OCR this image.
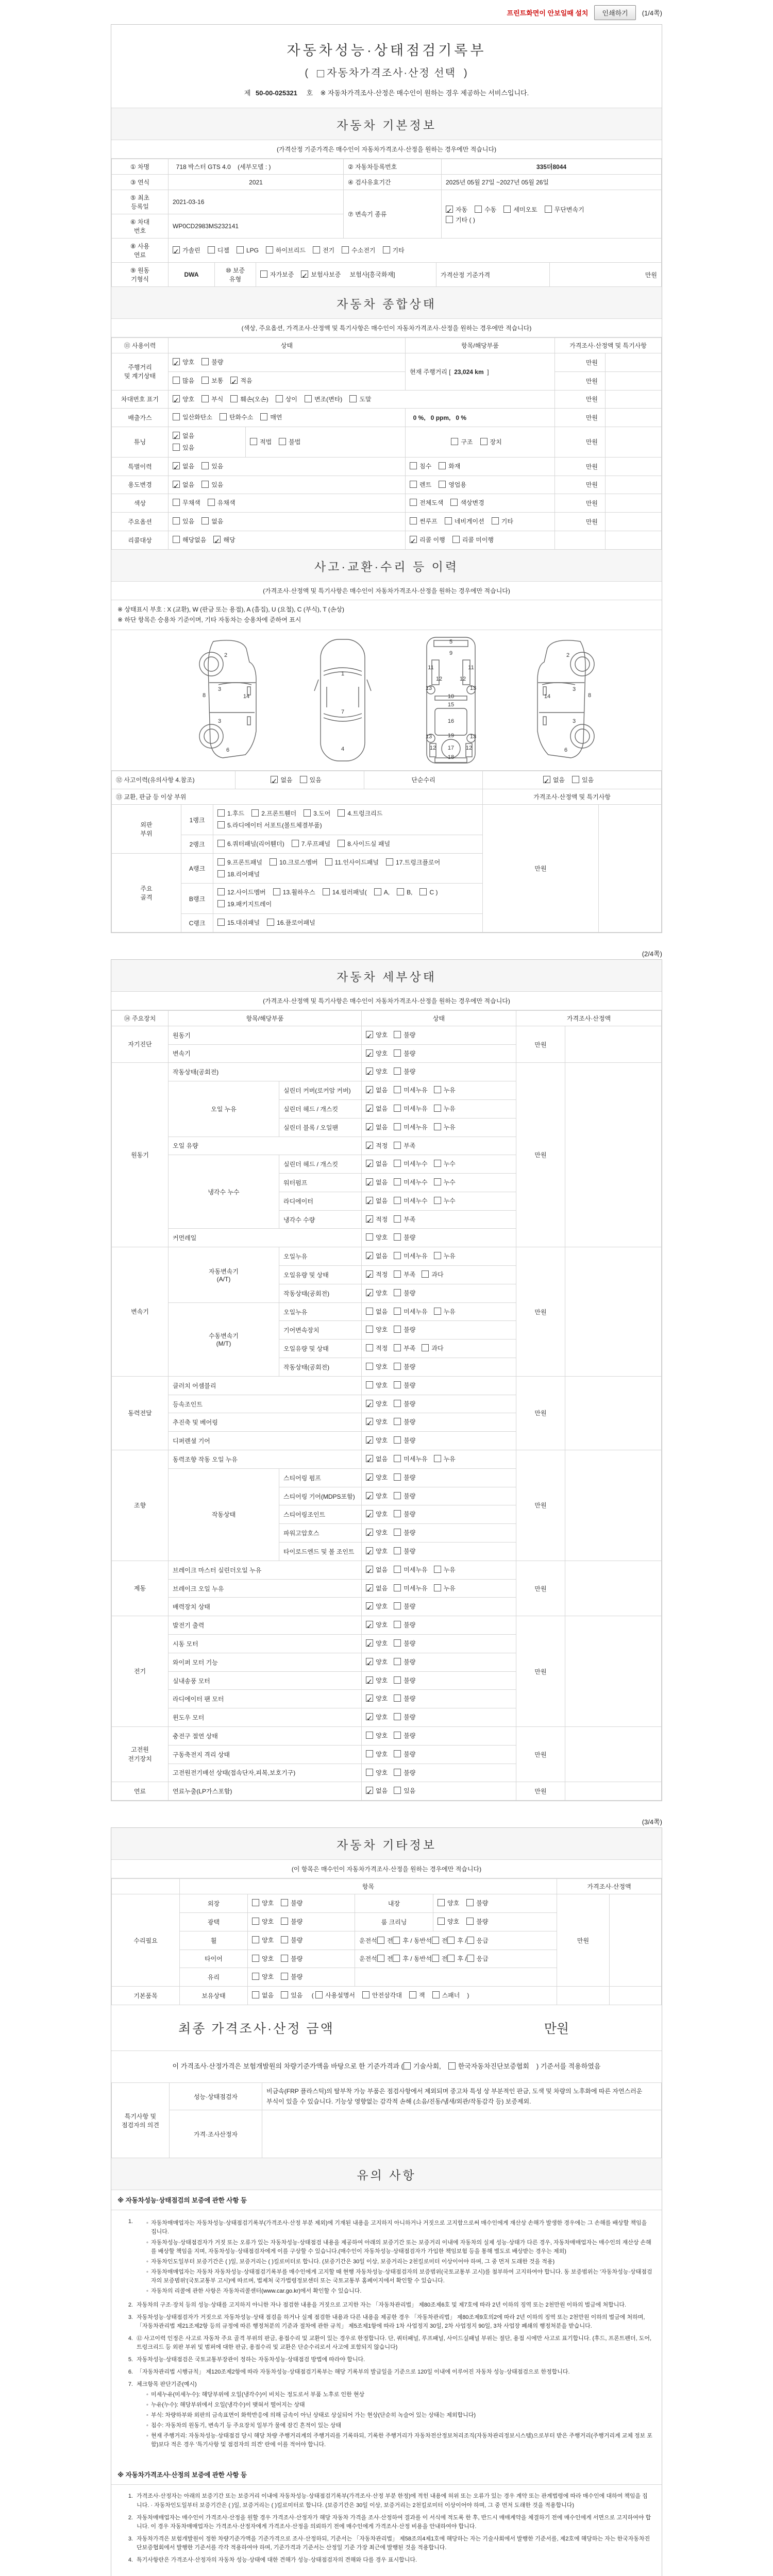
프린트화면이 안보일때 설치	인쇄하기	(1/4쪽)
자동차성능·상태점검기록부
(  자동차가격조사·산정 선택  )
제 50-00-025321 호    ※ 자동차가격조사·산정은 매수인이 원하는 경우 제공하는 서비스입니다.
자동차 기본정보
(가격산정 기준가격은 매수인이 자동차가격조사·산정을 원하는 경우에만 적습니다)
① 차명	718 박스터 GTS 4.0    (세부모델 : )	② 자동차등록번호	335더8044
③ 연식	2021	④ 검사유효기간	2025년 05월 27일 ~2027년 05월 26일
⑤ 최초
등록일	2021-03-16	⑦ 변속기 종류	✓자동 수동 세미오토 무단변속기
기타 ( )
⑥ 차대
번호	WP0CD2983MS232141		
⑧ 사용
연료	✓가솔린 디젤 LPG 하이브리드 전기 수소전기 기타
⑨ 원동
기형식	DWA	⑩ 보증
유형	자가보증 ✓	보험사보증 보험사[흥국화재]	가격산정 기준가격	만원
자동차 종합상태
(색상, 주요옵션, 가격조사·산정액 및 특기사항은 매수인이 자동차가격조사·산정을 원하는 경우에만 적습니다)
⑪ 사용이력	상태		항목/해당부품	가격조사·산정액 및 특기사항	
주행거리
및 계기상태	✓양호 불량		현재 주행거리 [  23,024 km  ]	만원	
	많음 보통 ✓ 적음			만원	
차대번호 표기	✓양호 부식 훼손(오손) 상이 변조(변타) 도말			만원	
배출가스	일산화탄소 탄화수소 매연		0 %,   0 ppm,   0 %	만원	
튜닝	✓없음
있음	적법 불법	구조 장치	만원	
특별이력	✓없음 있음		침수 화재	만원	
용도변경	✓없음 있음		렌트 영업용	만원	
색상	무채색 유채색		전체도색 색상변경	만원	
주요옵션	있음 없음		썬루프 네비게이션 기타	만원	
리콜대상	해당없음 ✓ 해당	✓리콜 이행 리콜 미이행		
사고·교환·수리 등 이력
(가격조사·산정액 및 특기사항은 매수인이 자동차가격조사·산정을 원하는 경우에만 적습니다)
※ 상태표시 부호 : X (교환), W (판금 또는 용접), A (흠집), U (요철), C (부식), T (손상)
※ 하단 항목은 승용차 기준이며, 기타 자동차는 승용차에 준하여 표시
2
3
8	14
3
6
1
7
4
5
9
11	11
12	12
13	13
10
15
16
19
13	13
12 17 12
18
2
3
8
14
3
6
⑫ 사고이력(유의사항 4.참조)	✓없음 있음	단순수리	✓없음 있음
⑬ 교환, 판금 등 이상 부위			가격조사·산정액 및 특기사항
외판
부위	1랭크	1.후드 2.프론트휀더 3.도어 4.트렁크리드5.라디에이터 서포트(볼트체결부품)	만원	
	2랭크	6.쿼터패널(리어휀더) 7.루프패널 8.사이드실 패널		
주요
골격	A랭크	9.프론트패널 10.크로스멤버 11.인사이드패널 17.트렁크플로어18.리어패널		
	B랭크	12.사이드멤버 13.휠하우스 14.필러패널( A, B, C )19.패키지트레이		
	C랭크	15.대쉬패널 16.플로어패널		
(2/4쪽)
자동차 세부상태
(가격조사·산정액 및 특기사항은 매수인이 자동차가격조사·산정을 원하는 경우에만 적습니다)
⑭ 주요장치	항목/해당부품		상태	가격조사·산정액	
자기진단	원동기	✓양호 불량	만원	
	변속기	✓양호 불량
원동기	작동상태(공회전)	✓양호 불량	만원	
	오일 누유	실린더 커버(로커암 커버)	✓없음 미세누유 누유
		실린더 헤드 / 개스킷	✓없음 미세누유 누유
		실린더 블록 / 오일팬	✓없음 미세누유 누유
	오일 유량	✓적정 부족
	냉각수 누수	실린더 헤드 / 개스킷	✓없음 미세누수 누수
		워터펌프	✓없음 미세누수 누수
		라디에이터	✓없음 미세누수 누수
		냉각수 수량	✓적정 부족
	커먼레일		양호 불량		
변속기	자동변속기
(A/T)	오일누유	✓없음 미세누유 누유	만원	
		오일유량 및 상태	✓적정 부족 과다
		작동상태(공회전)	✓양호 불량
	수동변속기
(M/T)	오일누유	없음 미세누유 누유		
		기어변속장치	양호 불량		
		오일유량 및 상태	적정 부족 과다		
		작동상태(공회전)	양호 불량		
동력전달	클러치 어셈블리		양호 불량	만원	
	등속조인트	✓양호 불량
	추진축 및 베어링	✓양호 불량
	디퍼렌셜 기어	✓양호 불량
조향	동력조향 작동 오일 누유	✓없음 미세누유 누유	만원	
	작동상태	스티어링 펌프	✓양호 불량
		스티어링 기어(MDPS포함)	✓양호 불량
		스티어링조인트	✓양호 불량
		파워고압호스	✓양호 불량
		타이로드엔드 및 볼 조인트	✓양호 불량
제동	브레이크 마스터 실린더오일 누유	✓없음 미세누유 누유	만원	
	브레이크 오일 누유	✓없음 미세누유 누유
	배력장치 상태	✓양호 불량
전기	발전기 출력	✓양호 불량	만원	
	시동 모터	✓양호 불량
	와이퍼 모터 기능	✓양호 불량
	실내송풍 모터	✓양호 불량
	라디에이터 팬 모터	✓양호 불량
	윈도우 모터	✓양호 불량
고전원
전기장치	충전구 절연 상태		양호 불량	만원	
	구동축전지 격리 상태		양호 불량		
	고전원전기배선 상태(접속단자,피복,보호기구)		양호 불량		
연료	연료누출(LP가스포함)	✓없음 있음	만원	
(3/4쪽)
자동차 기타정보
(이 항목은 매수인이 자동차가격조사·산정을 원하는 경우에만 적습니다)
	항목				가격조사·산정액	
수리필요	외장	양호 불량	내장	양호 불량	만원	
	광택	양호 불량	룸 크리닝	양호 불량		
	휠	양호 불량	운전석 전 후 / 동반석 전 후 / 응급			
	타이어	양호 불량	운전석 전 후 / 동반석 전 후 / 응급			
	유리	양호 불량				
기본품목	보유상태	없음 있음 ( 사용설명서 안전삼각대 잭 스패너 )				
최종 가격조사·산정 금액	만원
이 가격조사·산정가격은 보험개발원의 차량기준가액을 바탕으로 한 기준가격과 ( 기술사회,	한국자동차진단보증협회 ) 기준서를 적용하였음
특기사항 및
점검자의 의견	성능·상태점검자	비금속(FRP 플라스틱)의 탈부착 가능 부품은 점검사항에서 제외되며 중고차 특성 상 부분적인 판금, 도색 및 차량의 노후화에 따른 자연스러운 부식이 있을 수 있습니다. 기능상 영향없는 감각적 손해 (소음/진동/냄새/외관/작동감각 등) 보증제외.
	가격·조사산정자	
유의 사항
※ 자동차성능·상태점검의 보증에 관한 사항 등
1.	◦ 자동차매매업자는 자동차성능·상태점검기록부(가격조사·산정 부분 제외)에 기재된 내용을 고지하지 아니하거나 거짓으로 고지함으로써 매수인에게 재산상 손해가 발생한 경우에는 그 손해를 배상할 책임을 집니다.
◦ 자동차성능·상태점검자가 거짓 또는 오류가 있는 자동차성능·상태점검 내용을 제공하여 아래의 보증기간 또는 보증거리 이내에 자동차의 실제 성능·상태가 다른 경우, 자동차매매업자는 매수인의 재산상 손해를 배상할 책임을 지며, 자동차성능·상태점검자에게 이를 구상할 수 있습니다.(매수인이 자동차성능·상태점검자가 가입한 책임보험 등을 통해 별도로 배상받는 경우는 제외)
◦ 자동차인도일부터 보증기간은 ( )일, 보증거리는 ( )킬로미터로 합니다. (보증기간은 30일 이상, 보증거리는 2천킬로미터 이상이어야 하며, 그 중 먼저 도래한 것을 적용)
◦ 자동차매매업자는 자동차 자동차성능·상태점검기록부를 매수인에게 고지할 때 현행 자동차성능·상태점검자의 보증범위(국토교통부 고시)를 첨부하여 고지하여야 합니다. 동 보증범위는 '자동차성능·상태점검자의 보증범위'(국토교통부 고시)에 따르며, 법제처 국가법령정보센터 또는 국토교통부 홈페이지에서 확인할 수 있습니다.
◦ 자동차의 리콜에 관한 사항은 자동차리콜센터(www.car.go.kr)에서 확인할 수 있습니다.
2. 자동차의 구조·장치 등의 성능·상태를 고지하지 아니한 자나 점검한 내용을 거짓으로 고지한 자는 「자동차관리법」 제80조제6호 및 제7호에 따라 2년 이하의 징역 또는 2천만원 이하의 벌금에 처합니다.
3. 자동차성능·상태점검자가 거짓으로 자동차성능·상태 점검을 하거나 실제 점검한 내용과 다른 내용을 제공한 경우 「자동차관리법」 제80조제9호의2에 따라 2년 이하의 징역 또는 2천만원 이하의 벌금에 처하며, 「자동차관리법 제21조제2항 등의 규정에 따른 행정처분의 기준과 절차에 관한 규칙」 제5조제1항에 따라 1차 사업정지 30일, 2차 사업정지 90일, 3차 사업장 폐쇄의 행정처분을 받습니다.
4. ⑫ 사고이력 인정은 사고로 자동차 주요 골격 부위의 판금, 용접수리 및 교환이 있는 경우로 한정합니다. 단, 쿼터패널, 루프패널, 사이드실패널 부위는 절단, 용접 시에만 사고로 표기합니다. (후드, 프론트펜더, 도어, 트렁크리드 등 외판 부위 및 범퍼에 대한 판금, 용접수리 및 교환은 단순수리로서 사고에 포함되지 않습니다)
5. 자동차성능·상태점검은 국토교통부장관이 정하는 자동차성능·상태점검 방법에 따라야 합니다.
6. 「자동차관리법 시행규칙」 제120조제2항에 따라 자동차성능·상태점검기록부는 해당 기록부의 발급일을 기준으로 120일 이내에 이루어진 자동차 성능·상태점검으로 한정합니다.
7. 체크항목 판단기준(예시)
◦ 미세누유(미세누수): 해당부위에 오일(냉각수)이 비치는 정도로서 부품 노후로 인한 현상
◦ 누유(누수): 해당부위에서 오일(냉각수)이 맺혀서 떨어지는 상태
◦ 부식: 차량하부와 외판의 금속표면이 화학반응에 의해 금속이 아닌 상태로 상실되어 가는 현상(단순히 녹슬어 있는 상태는 제외합니다)
◦ 침수: 자동차의 원동기, 변속기 등 주요장치 일부가 물에 잠긴 흔적이 있는 상태
◦ 현재 주행거리: 자동차성능·상태점검 당시 해당 차량 주행거리계의 주행거리를 기록하되, 기록한 주행거리가 자동차전산정보처리조직(자동차관리정보시스템)으로부터 받은 주행거리(주행거리계 교체 정보 포함)보다 적은 경우 '특기사항 및 점검자의 의견' 란에 이를 적어야 합니다.
※ 자동차가격조사·산정의 보증에 관한 사항 등
1. 가격조사·산정자는 아래의 보증기간 또는 보증거리 이내에 자동차성능·상태점검기록부(가격조사·산정 부분 한정)에 적힌 내용에 허위 또는 오류가 있는 경우 계약 또는 관계법령에 따라 매수인에 대하여 책임을 집니다. · 자동차인도일부터 보증기간은 ( )일, 보증거리는 ( )킬로미터로 합니다. (보증기간은 30일 이상, 보증거리는 2천킬로미터 이상이어야 하며, 그 중 먼저 도래한 것을 적용합니다)
2. 자동차매매업자는 매수인이 가격조사·산정을 원할 경우 가격조사·산정자가 해당 자동차 가격을 조사·산정하여 결과를 이 서식에 적도록 한 후, 반드시 매매계약을 체결하기 전에 매수인에게 서면으로 고지하여야 합니다. 이 경우 자동차매매업자는 가격조사·산정자에게 가격조사·산정을 의뢰하기 전에 매수인에게 가격조사·산정 비용을 안내하여야 합니다.
3. 자동차가격은 보험개발원이 정한 차량기준가액을 기준가격으로 조사·산정하되, 기준서는 「자동차관리법」 제58조의4제1호에 해당하는 자는 기술사회에서 발행한 기준서를, 제2호에 해당하는 자는 한국자동차진단보증협회에서 발행한 기준서를 각각 적용하여야 하며, 기준가격과 기준서는 산정일 기준 가장 최근에 발행된 것을 적용합니다.
4. 특기사항란은 가격조사·산정자의 자동차 성능·상태에 대한 견해가 성능·상태점검자의 견해와 다를 경우 표시합니다.
